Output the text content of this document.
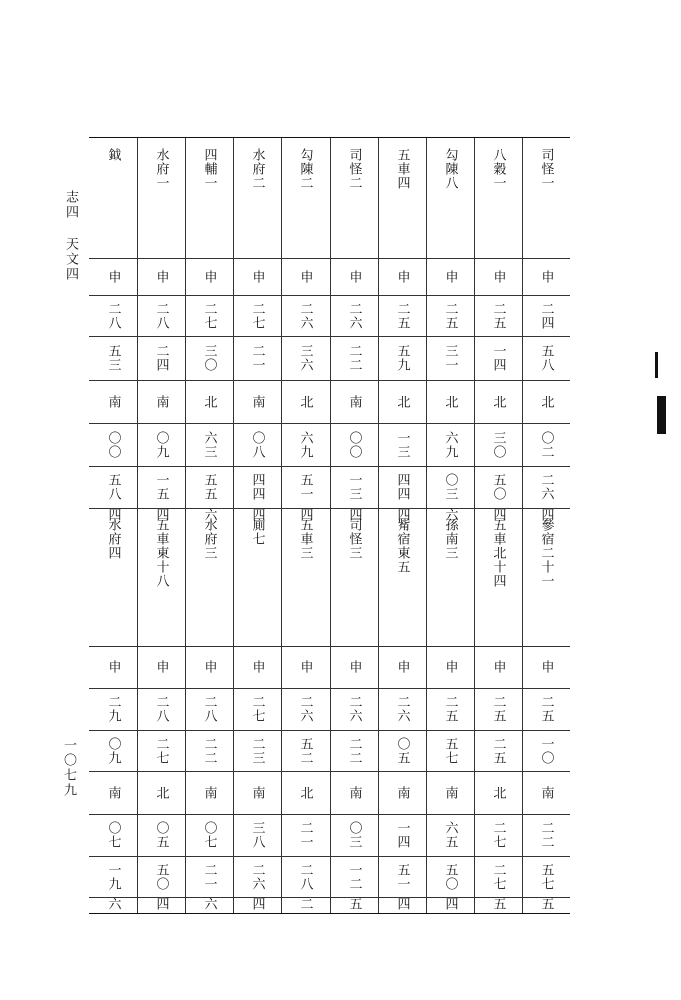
志四 天文四
一〇七九
司怪一
申
二四
五八
北
〇二
二六
四
八穀一
申
二五
一四
北
三〇
五〇
四
勾陳八
申
二五
三一
北
六九
〇三
六
五車四
申
二五
五九
北
一三
四四
四
司怪二
申
二六
二二
南
〇〇
一三
四
勾陳二
申
二六
三六
北
六九
五一
四
水府二
申
二七
二一
南
〇八
四四
四
四輔一
申
二七
三〇
北
六三
五五
六
水府一
申
二八
二四
南
〇九
一五
四
鉞
申
二八
五三
南
〇〇
五八
四
參宿二十一
申
二五
一〇
南
二二
五七
五
五車北十四
申
二五
二五
北
二七
二七
五
孫南三
申
二五
五七
南
六五
五〇
四
觜宿東五
申
二六
〇五
南
一四
五一
四
司怪三
申
二六
二二
南
〇三
一二
五
五車三
申
二六
五二
北
二一
二八
二
廁七
申
二七
二三
南
三八
二六
四
水府三
申
二八
二二
南
〇七
二一
六
五車東十八
申
二八
二七
北
〇五
五〇
四
水府四
申
二九
〇九
南
〇七
一九
六
